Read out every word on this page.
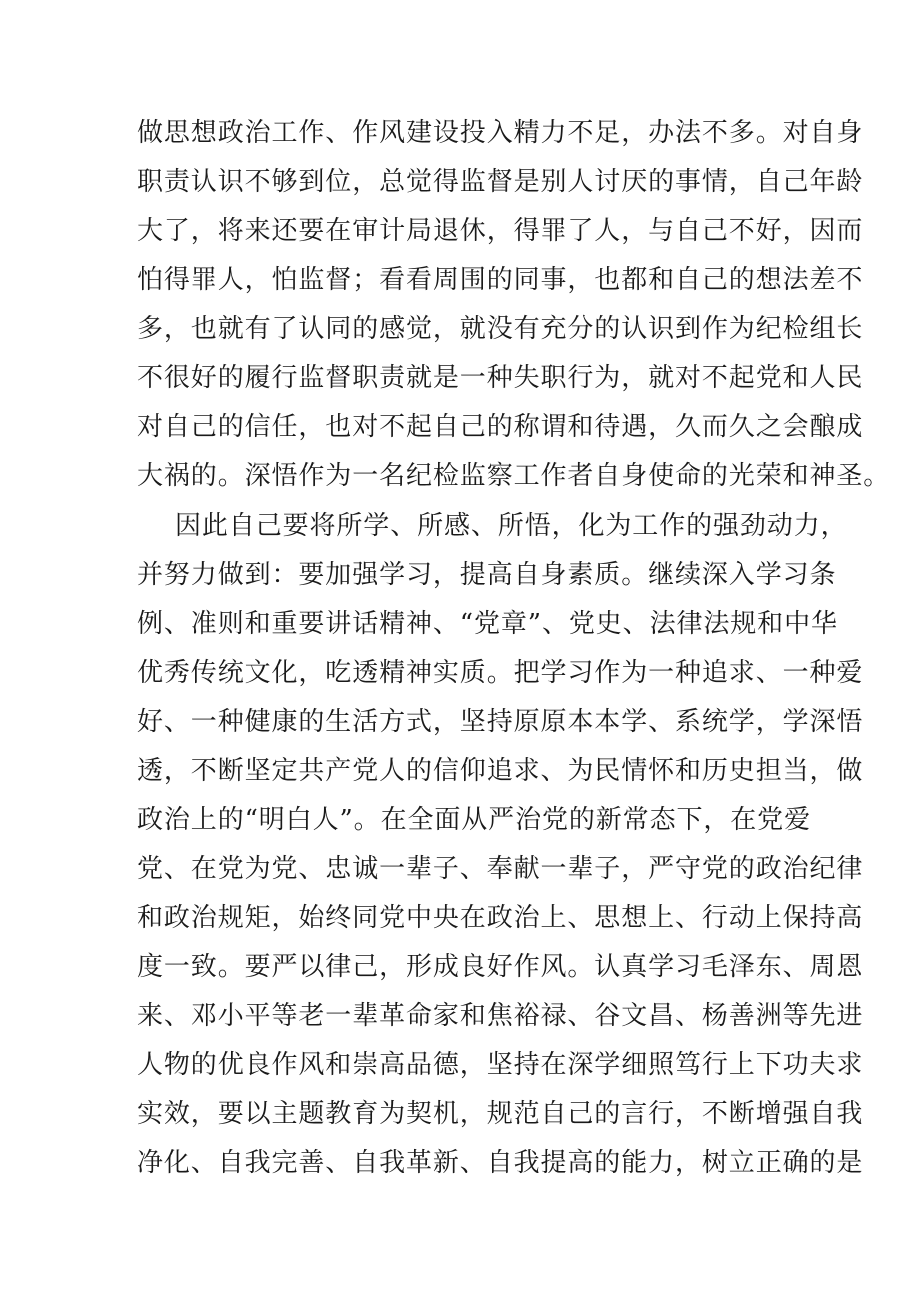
做思想政治工作、作风建设投入精力不足，办法不多。对自身
职责认识不够到位，总觉得监督是别人讨厌的事情，自己年龄
大了，将来还要在审计局退休，得罪了人，与自己不好，因而
怕得罪人，怕监督；看看周围的同事，也都和自己的想法差不
多，也就有了认同的感觉，就没有充分的认识到作为纪检组长
不很好的履行监督职责就是一种失职行为，就对不起党和人民
对自己的信任，也对不起自己的称谓和待遇，久而久之会酿成
大祸的。深悟作为一名纪检监察工作者自身使命的光荣和神圣。
因此自己要将所学、所感、所悟，化为工作的强劲动力，
并努力做到：要加强学习，提高自身素质。继续深入学习条
例、准则和重要讲话精神、“党章”、党史、法律法规和中华
优秀传统文化，吃透精神实质。把学习作为一种追求、一种爱
好、一种健康的生活方式，坚持原原本本学、系统学，学深悟
透，不断坚定共产党人的信仰追求、为民情怀和历史担当，做
政治上的“明白人”。在全面从严治党的新常态下，在党爱
党、在党为党、忠诚一辈子、奉献一辈子，严守党的政治纪律
和政治规矩，始终同党中央在政治上、思想上、行动上保持高
度一致。要严以律己，形成良好作风。认真学习毛泽东、周恩
来、邓小平等老一辈革命家和焦裕禄、谷文昌、杨善洲等先进
人物的优良作风和崇高品德，坚持在深学细照笃行上下功夫求
实效，要以主题教育为契机，规范自己的言行，不断增强自我
净化、自我完善、自我革新、自我提高的能力，树立正确的是
